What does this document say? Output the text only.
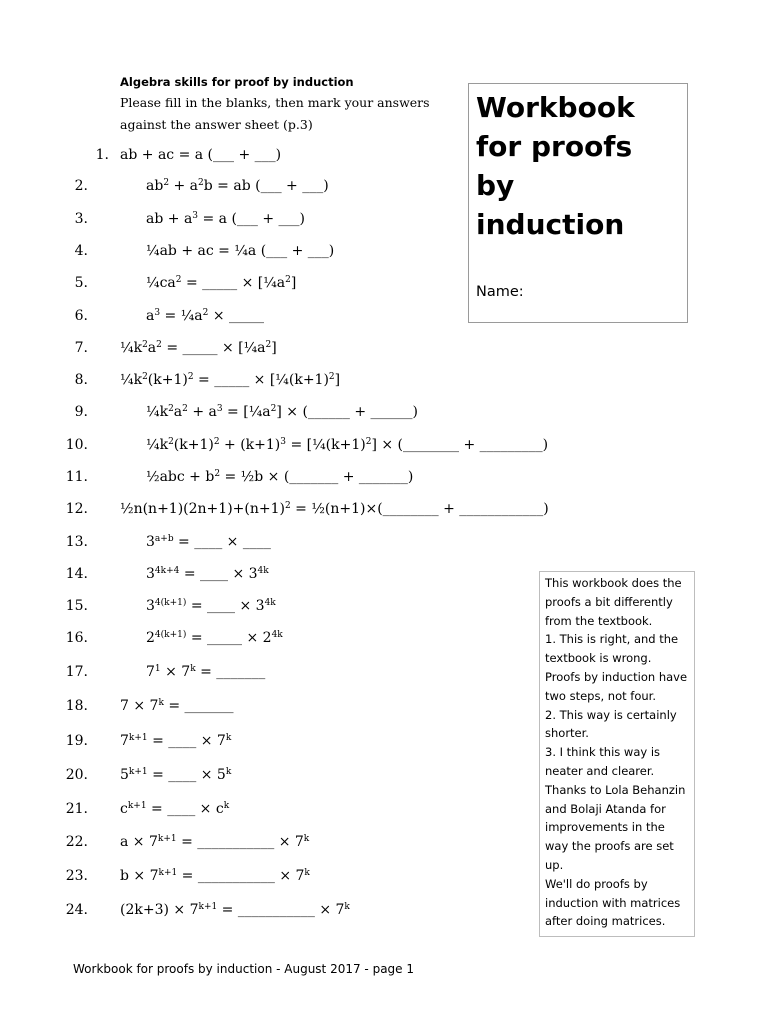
Algebra skills for proof by induction
Please fill in the blanks, then mark your answers
against the answer sheet (p.3)
Workbook
for proofs
by
induction
Name:
1. ab + ac = a (___ + ___)
2.	$ab^2 + a^2b$ = ab (___ + ___)
3.	ab + $a^3 = a$ (___ + ___)
4.	¼ab + ac = ¼a (___ + ___)
5.	$\frac{1}{4}ca^2$ = _____ × $[\frac{1}{4}a^2]$
6.	$a^3$ = $\frac{1}{4}a^2$ × _____
7. $\frac{1}{4}k^2a^2$ = _____ × $[\frac{1}{4}a^2]$
8. $\frac{1}{4}k^2(k+1)^2$ = _____ × $[\frac{1}{4}(k+1)^2]$
9.	$\frac{1}{4}k^2a^2 + a^3$ = $[\frac{1}{4}a^2]$ × (______ + ______)
10.	$\frac{1}{4}k^2(k+1)^2 + (k+1)^3$ = $[\frac{1}{4}(k+1)^2]$ × (________ + _________)
11.	½abc + $b^2$ = ½b × (_______ + _______)
12. $\frac{1}{2}n(n+1)(2n+1)+(n+1)^2$ = ½(n+1)×(________ + ____________)
13.	$3^{a+b}$ = ____ × ____
14.	$3^{4k+4}$ = ____ × $3^{4k}$
15.	$3^{4(k+1)}$ = ____ × $3^{4k}$
16.	$2^{4(k+1)}$ = _____ × $2^{4k}$
17.	$7^1 \times 7^k$ = _______
18. $7 \times 7^k$ = _______
19. $7^{k+1}$ = ____ × $7^k$
20. $5^{k+1}$ = ____ × $5^k$
21. $c^{k+1}$ = ____ × $c^k$
22. $a \times 7^{k+1}$ = ___________ × $7^k$
23. $b \times 7^{k+1}$ = ___________ × $7^k$
24. $(2k+3) \times 7^{k+1}$ = ___________ × $7^k$
This workbook does the
proofs a bit differently
from the textbook.
1. This is right, and the
textbook is wrong.
Proofs by induction have
two steps, not four.
2. This way is certainly
shorter.
3. I think this way is
neater and clearer.
Thanks to Lola Behanzin
and Bolaji Atanda for
improvements in the
way the proofs are set
up.
We'll do proofs by
induction with matrices
after doing matrices.
Workbook for proofs by induction - August 2017 - page 1
